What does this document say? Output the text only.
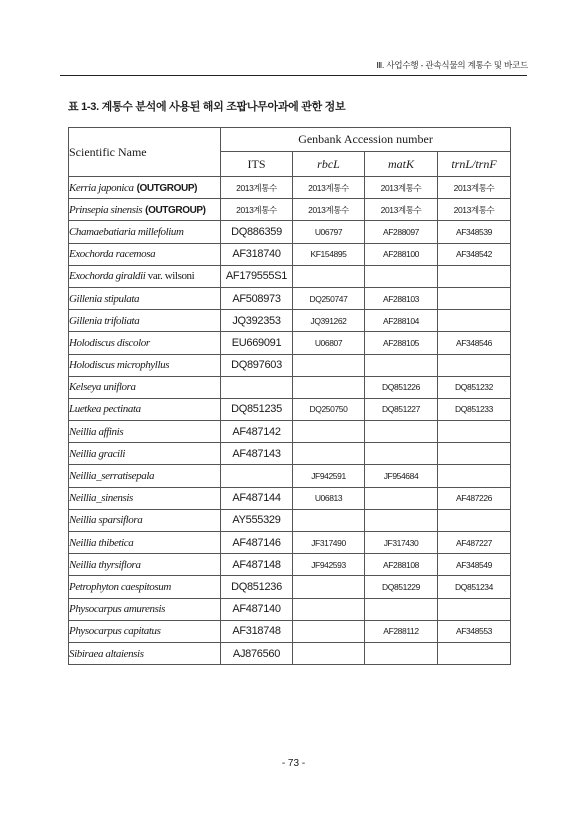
Ⅲ. 사업수행 - 관속식물의 계통수 및 바코드
표 1-3. 계통수 분석에 사용된 해외 조팝나무아과에 관한 정보
Scientific Name	Genbank Accession number			
	ITS	rbcL	matK	trnL/trnF
Kerria japonica (OUTGROUP)	2013계통수	2013계통수	2013계통수	2013계통수
Prinsepia sinensis (OUTGROUP)	2013계통수	2013계통수	2013계통수	2013계통수
Chamaebatiaria millefolium	DQ886359	U06797	AF288097	AF348539
Exochorda racemosa	AF318740	KF154895	AF288100	AF348542
Exochorda giraldii var. wilsoni	AF179555S1			
Gillenia stipulata	AF508973	DQ250747	AF288103	
Gillenia trifoliata	JQ392353	JQ391262	AF288104	
Holodiscus discolor	EU669091	U06807	AF288105	AF348546
Holodiscus microphyllus	DQ897603			
Kelseya uniflora			DQ851226	DQ851232
Luetkea pectinata	DQ851235	DQ250750	DQ851227	DQ851233
Neillia affinis	AF487142			
Neillia gracili	AF487143			
Neillia_serratisepala		JF942591	JF954684	
Neillia_sinensis	AF487144	U06813		AF487226
Neillia sparsiflora	AY555329			
Neillia thibetica	AF487146	JF317490	JF317430	AF487227
Neillia thyrsiflora	AF487148	JF942593	AF288108	AF348549
Petrophyton caespitosum	DQ851236		DQ851229	DQ851234
Physocarpus amurensis	AF487140			
Physocarpus capitatus	AF318748		AF288112	AF348553
Sibiraea altaiensis	AJ876560			
- 73 -
